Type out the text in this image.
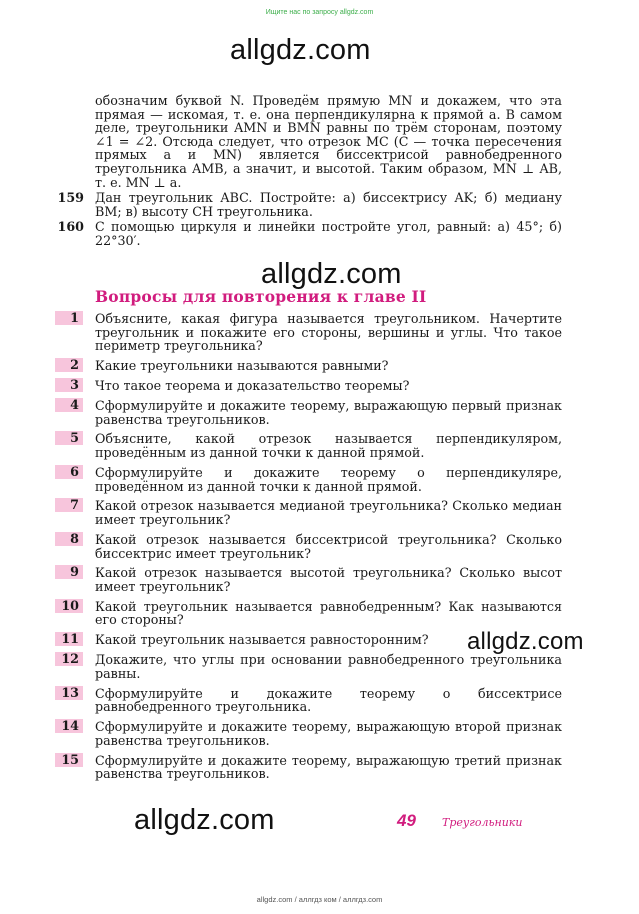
Ищите нас по запросу allgdz.com
allgdz.com
allgdz.com
allgdz.com
allgdz.com

обозначим буквой N. Проведём прямую MN и докажем, что эта прямая — искомая, т. е. она перпендикулярна к прямой a. В самом деле, треугольники AMN и BMN равны по трём сторонам, поэтому ∠1 = ∠2. Отсюда следует, что отрезок MC (C — точка пересечения прямых a и MN) является биссектрисой равнобедренного треугольника AMB, а значит, и высотой. Таким образом, MN ⊥ AB, т. е. MN ⊥ a.

159 Дан треугольник ABC. Постройте: а) биссектрису AK; б) медиану BM; в) высоту CH треугольника.
160 С помощью циркуля и линейки постройте угол, равный: а) 45°; б) 22°30′.
Вопросы для повторения к главе II
1	Объясните, какая фигура называется треугольником. Начертите треугольник и покажите его стороны, вершины и углы. Что такое периметр треугольника?
2	Какие треугольники называются равными?
3	Что такое теорема и доказательство теоремы?
4	Сформулируйте и докажите теорему, выражающую первый признак равенства треугольников.
5	Объясните, какой отрезок называется перпендикуляром, проведённым из данной точки к данной прямой.
6	Сформулируйте и докажите теорему о перпендикуляре, проведённом из данной точки к данной прямой.
7	Какой отрезок называется медианой треугольника? Сколько медиан имеет треугольник?
8	Какой отрезок называется биссектрисой треугольника? Сколько биссектрис имеет треугольник?
9	Какой отрезок называется высотой треугольника? Сколько высот имеет треугольник?
10	Какой треугольник называется равнобедренным? Как называются его стороны?
11	Какой треугольник называется равносторонним?
12	Докажите, что углы при основании равнобедренного треугольника равны.
13	Сформулируйте и докажите теорему о биссектрисе равнобедренного треугольника.
14	Сформулируйте и докажите теорему, выражающую второй признак равенства треугольников.
15	Сформулируйте и докажите теорему, выражающую третий признак равенства треугольников.
49 Треугольники
allgdz.com / аллгдз ком / аллгдз.com
